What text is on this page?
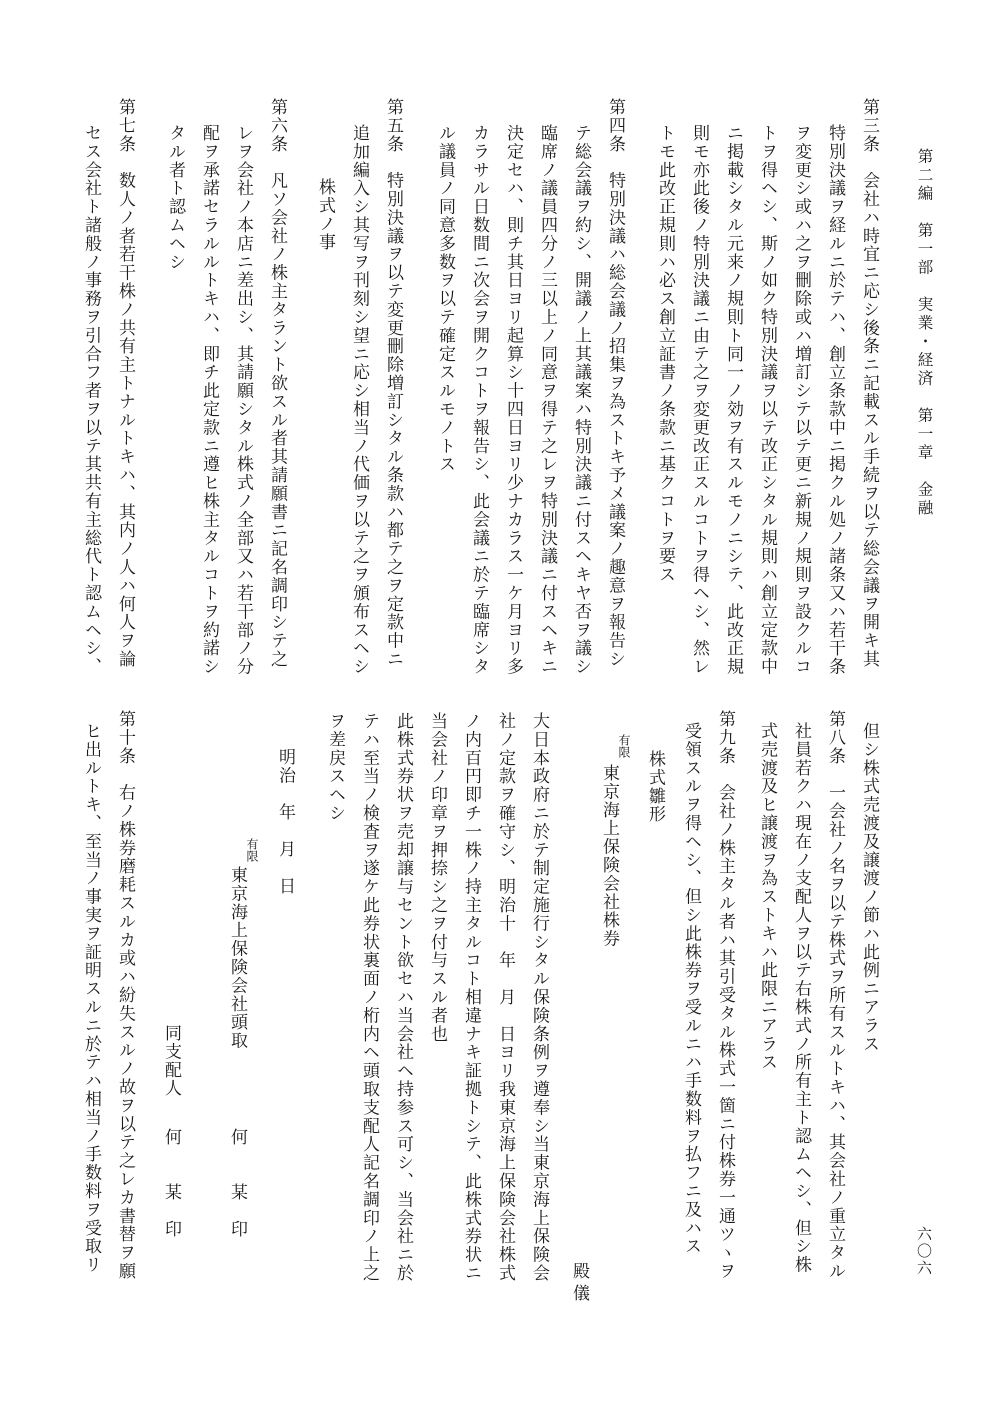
第二編　第一部　実業・経済　第一章　金融
六〇六
第三条　会社ハ時宜ニ応シ後条ニ記載スル手続ヲ以テ総会議ヲ開キ其
特別決議ヲ経ルニ於テハ、創立条款中ニ掲クル処ノ諸条又ハ若干条
ヲ変更シ或ハ之ヲ刪除或ハ増訂シテ以テ更ニ新規ノ規則ヲ設クルコ
トヲ得ヘシ、斯ノ如ク特別決議ヲ以テ改正シタル規則ハ創立定款中
ニ掲載シタル元来ノ規則ト同一ノ効ヲ有スルモノニシテ、此改正規
則モ亦此後ノ特別決議ニ由テ之ヲ変更改正スルコトヲ得ヘシ、然レ
トモ此改正規則ハ必ス創立証書ノ条款ニ基クコトヲ要ス
第四条　特別決議ハ総会議ノ招集ヲ為ストキ予メ議案ノ趣意ヲ報告シ
テ総会議ヲ約シ、開議ノ上其議案ハ特別決議ニ付スヘキヤ否ヲ議シ
臨席ノ議員四分ノ三以上ノ同意ヲ得テ之レヲ特別決議ニ付スヘキニ
決定セハ、則チ其日ヨリ起算シ十四日ヨリ少ナカラス一ケ月ヨリ多
カラサル日数間ニ次会ヲ開クコトヲ報告シ、此会議ニ於テ臨席シタ
ル議員ノ同意多数ヲ以テ確定スルモノトス
第五条　特別決議ヲ以テ変更刪除増訂シタル条款ハ都テ之ヲ定款中ニ
追加編入シ其写ヲ刊刻シ望ニ応シ相当ノ代価ヲ以テ之ヲ頒布スヘシ
株式ノ事
第六条　凡ソ会社ノ株主タラント欲スル者其請願書ニ記名調印シテ之
レヲ会社ノ本店ニ差出シ、其請願シタル株式ノ全部又ハ若干部ノ分
配ヲ承諾セラルルトキハ、即チ此定款ニ遵ヒ株主タルコトヲ約諾シ
タル者ト認ムヘシ
第七条　数人ノ者若干株ノ共有主トナルトキハ、其内ノ人ハ何人ヲ論
セス会社ト諸般ノ事務ヲ引合フ者ヲ以テ其共有主総代ト認ムヘシ、
但シ株式売渡及譲渡ノ節ハ此例ニアラス
第八条　一会社ノ名ヲ以テ株式ヲ所有スルトキハ、其会社ノ重立タル
社員若クハ現在ノ支配人ヲ以テ右株式ノ所有主ト認ムヘシ、但シ株
式売渡及ヒ譲渡ヲ為ストキハ此限ニアラス
第九条　会社ノ株主タル者ハ其引受タル株式一箇ニ付株券一通ツヽヲ
受領スルヲ得ヘシ、但シ此株券ヲ受ルニハ手数料ヲ払フニ及ハス
株式雛形
殿
儀
有限
東京海上保険会社株券
大日本政府ニ於テ制定施行シタル保険条例ヲ遵奉シ当東京海上保険会
社ノ定款ヲ確守シ、明治十　年　月　日ヨリ我東京海上保険会社株式
ノ内百円即チ一株ノ持主タルコト相違ナキ証拠トシテ、此株式券状ニ
当会社ノ印章ヲ押捺シ之ヲ付与スル者也
此株式券状ヲ売却譲与セント欲セハ当会社ヘ持参ス可シ、当会社ニ於
テハ至当ノ検査ヲ遂ケ此券状裏面ノ桁内ヘ頭取支配人記名調印ノ上之
ヲ差戻スヘシ
明治　年　月　日
有限
東京海上保険会社頭取
何　　某　印
同支配人
何　　某　印
第十条　右ノ株券磨耗スルカ或ハ紛失スルノ故ヲ以テ之レカ書替ヲ願
ヒ出ルトキ、至当ノ事実ヲ証明スルニ於テハ相当ノ手数料ヲ受取リ
